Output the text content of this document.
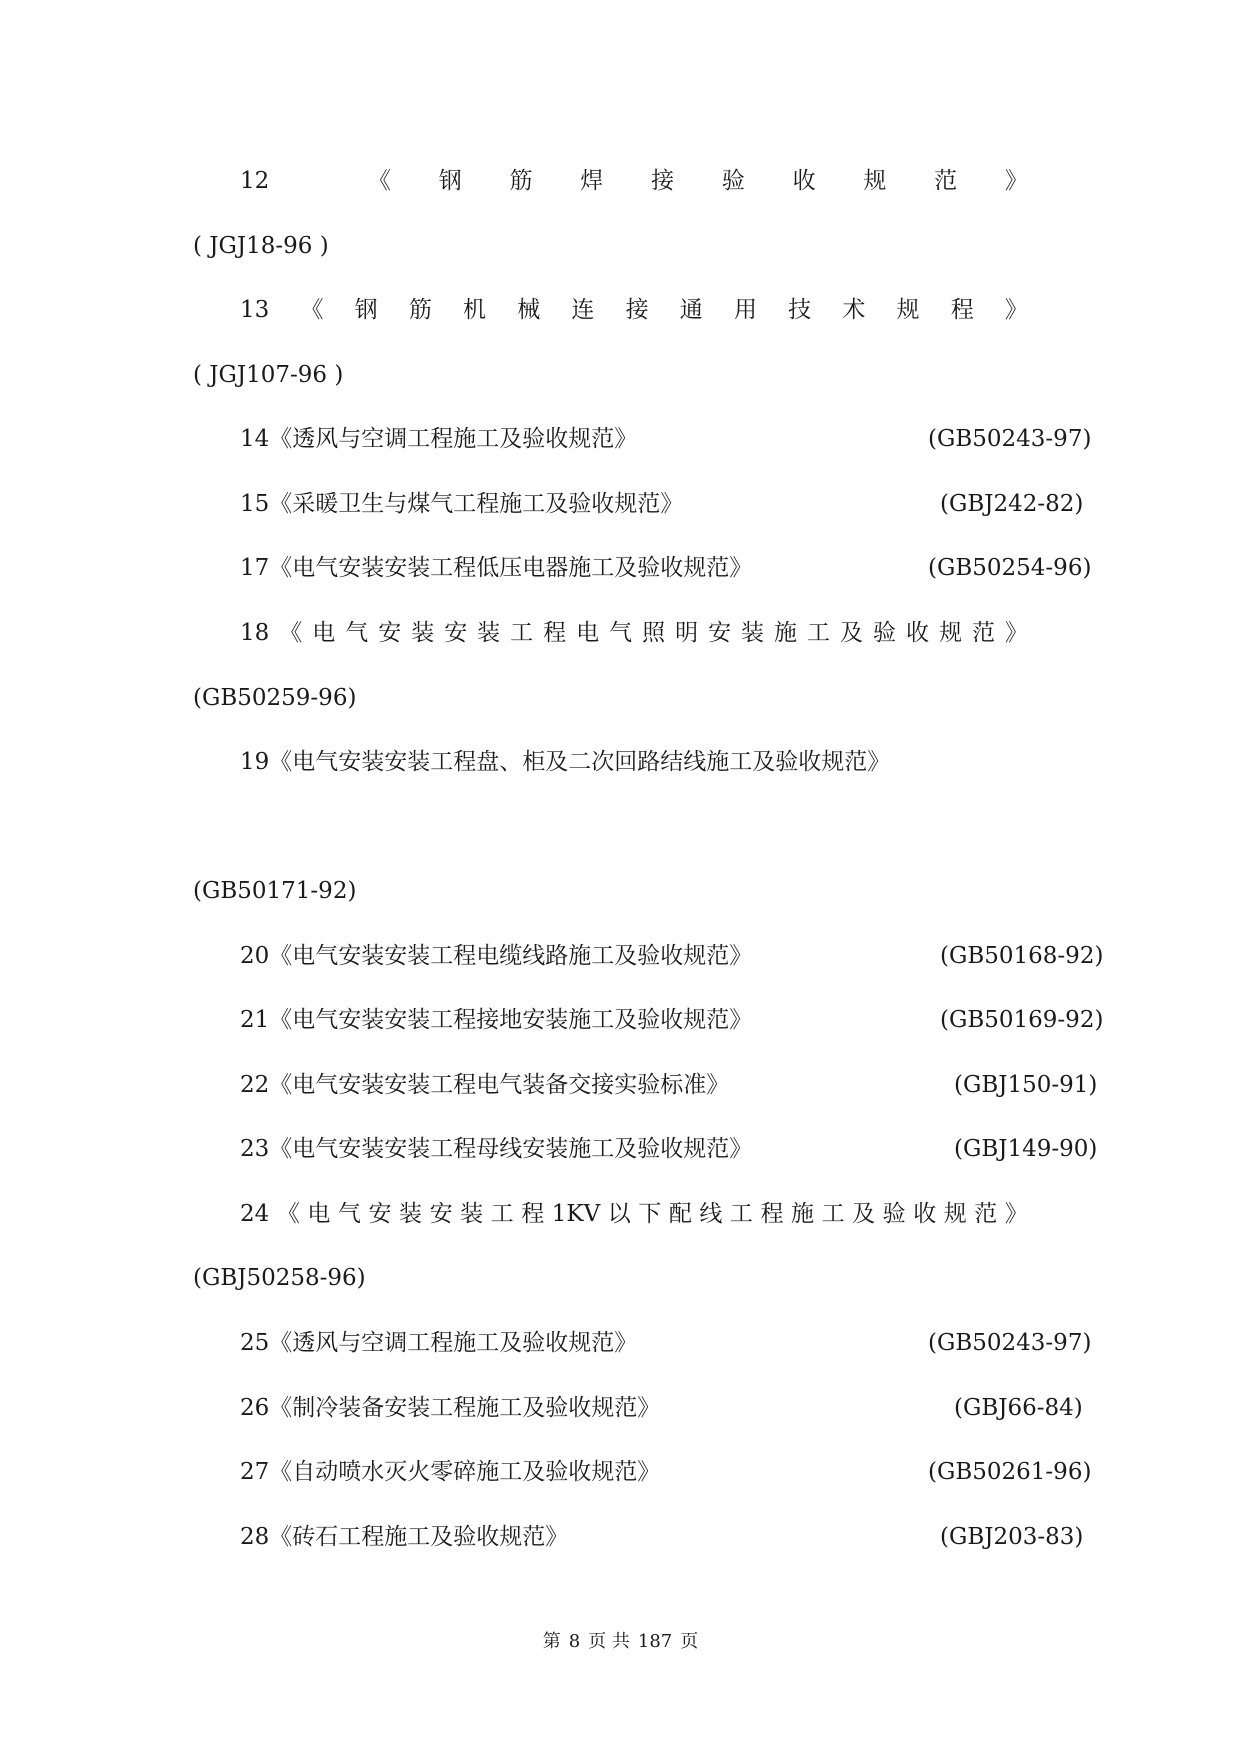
12	《 钢 筋 焊 接 验 收 规 范 》
( JGJ18-96 )
13 《 钢 筋 机 械 连 接 通 用 技 术 规 程 》
( JGJ107-96 )
14《透风与空调工程施工及验收规范》	(GB50243-97)
15《采暖卫生与煤气工程施工及验收规范》	(GBJ242-82)
17《电气安装安装工程低压电器施工及验收规范》	(GB50254-96)
18 《 电 气 安 装 安 装 工 程 电 气 照 明 安 装 施 工 及 验 收 规 范 》
(GB50259-96)
19《电气安装安装工程盘、柜及二次回路结线施工及验收规范》
(GB50171-92)
20《电气安装安装工程电缆线路施工及验收规范》	(GB50168-92)
21《电气安装安装工程接地安装施工及验收规范》	(GB50169-92)
22《电气安装安装工程电气装备交接实验标准》	(GBJ150-91)
23《电气安装安装工程母线安装施工及验收规范》	(GBJ149-90)
24 《 电 气 安 装 安 装 工 程 1KV 以 下 配 线 工 程 施 工 及 验 收 规 范 》
(GBJ50258-96)
25《透风与空调工程施工及验收规范》	(GB50243-97)
26《制冷装备安装工程施工及验收规范》	(GBJ66-84)
27《自动喷水灭火零碎施工及验收规范》	(GB50261-96)
28《砖石工程施工及验收规范》	(GBJ203-83)
第 8 页 共 187 页
